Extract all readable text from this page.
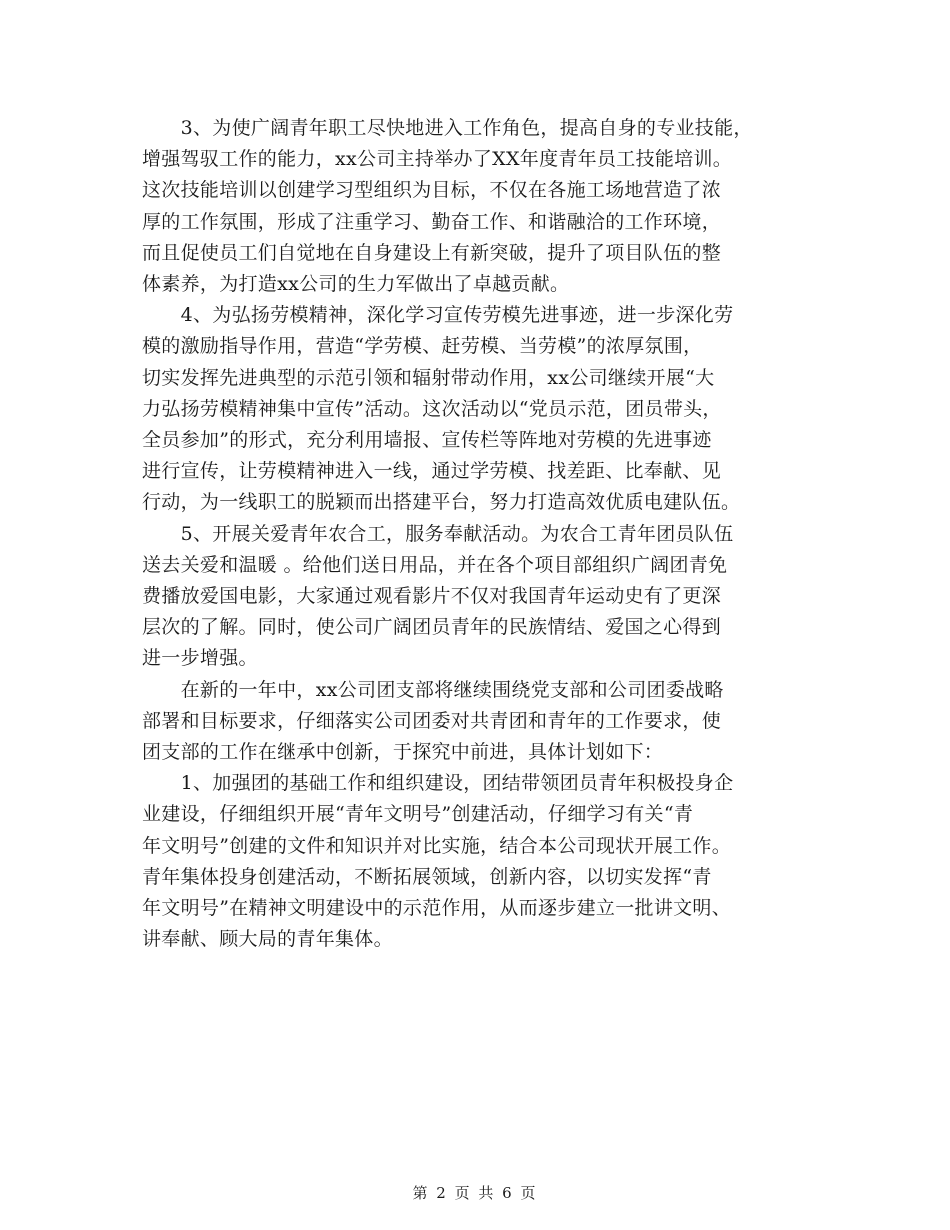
　　3、为使广阔青年职工尽快地进入工作角色，提高自身的专业技能，
增强驾驭工作的能力，xx公司主持举办了XX年度青年员工技能培训。
这次技能培训以创建学习型组织为目标，不仅在各施工场地营造了浓
厚的工作氛围，形成了注重学习、勤奋工作、和谐融洽的工作环境，
而且促使员工们自觉地在自身建设上有新突破，提升了项目队伍的整
体素养，为打造xx公司的生力军做出了卓越贡献。
　　4、为弘扬劳模精神，深化学习宣传劳模先进事迹，进一步深化劳
模的激励指导作用，营造“学劳模、赶劳模、当劳模”的浓厚氛围，
切实发挥先进典型的示范引领和辐射带动作用，xx公司继续开展“大
力弘扬劳模精神集中宣传”活动。这次活动以“党员示范，团员带头，
全员参加”的形式，充分利用墙报、宣传栏等阵地对劳模的先进事迹
进行宣传，让劳模精神进入一线，通过学劳模、找差距、比奉献、见
行动，为一线职工的脱颖而出搭建平台，努力打造高效优质电建队伍。
　　5、开展关爱青年农合工，服务奉献活动。为农合工青年团员队伍
送去关爱和温暖 。给他们送日用品，并在各个项目部组织广阔团青免
费播放爱国电影，大家通过观看影片不仅对我国青年运动史有了更深
层次的了解。同时，使公司广阔团员青年的民族情结、爱国之心得到
进一步增强。
　　在新的一年中，xx公司团支部将继续围绕党支部和公司团委战略
部署和目标要求，仔细落实公司团委对共青团和青年的工作要求，使
团支部的工作在继承中创新，于探究中前进，具体计划如下：
　　1、加强团的基础工作和组织建设，团结带领团员青年积极投身企
业建设，仔细组织开展“青年文明号”创建活动，仔细学习有关“青
年文明号”创建的文件和知识并对比实施，结合本公司现状开展工作。
青年集体投身创建活动，不断拓展领域，创新内容，以切实发挥“青
年文明号”在精神文明建设中的示范作用，从而逐步建立一批讲文明、
讲奉献、顾大局的青年集体。
第 2 页 共 6 页
